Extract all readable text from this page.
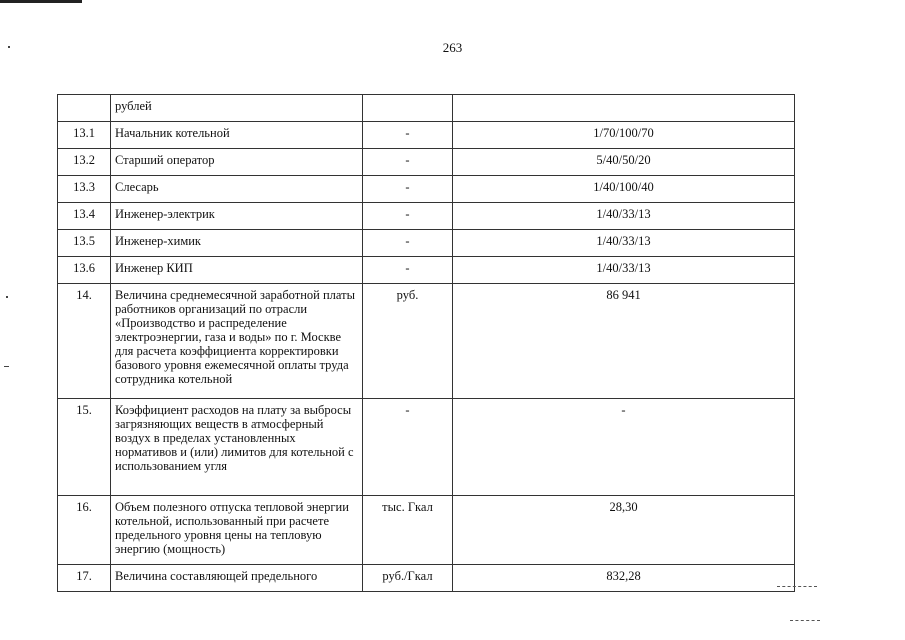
263
	рублей		
13.1	Начальник котельной	-	1/70/100/70
13.2	Старший оператор	-	5/40/50/20
13.3	Слесарь	-	1/40/100/40
13.4	Инженер-электрик	-	1/40/33/13
13.5	Инженер-химик	-	1/40/33/13
13.6	Инженер КИП	-	1/40/33/13
14.	Величина среднемесячной заработной платы работников организаций по отрасли «Производство и распределение электроэнергии, газа и воды» по г. Москве для расчета коэффициента корректировки базового уровня ежемесячной оплаты труда сотрудника котельной	руб.	86 941
15.	Коэффициент расходов на плату за выбросы загрязняющих веществ в атмосферный воздух в пределах установленных нормативов и (или) лимитов для котельной с использованием угля	-	-
16.	Объем полезного отпуска тепловой энергии котельной, использованный при расчете предельного уровня цены на тепловую энергию (мощность)	тыс. Гкал	28,30
17.	Величина составляющей предельного	руб./Гкал	832,28
